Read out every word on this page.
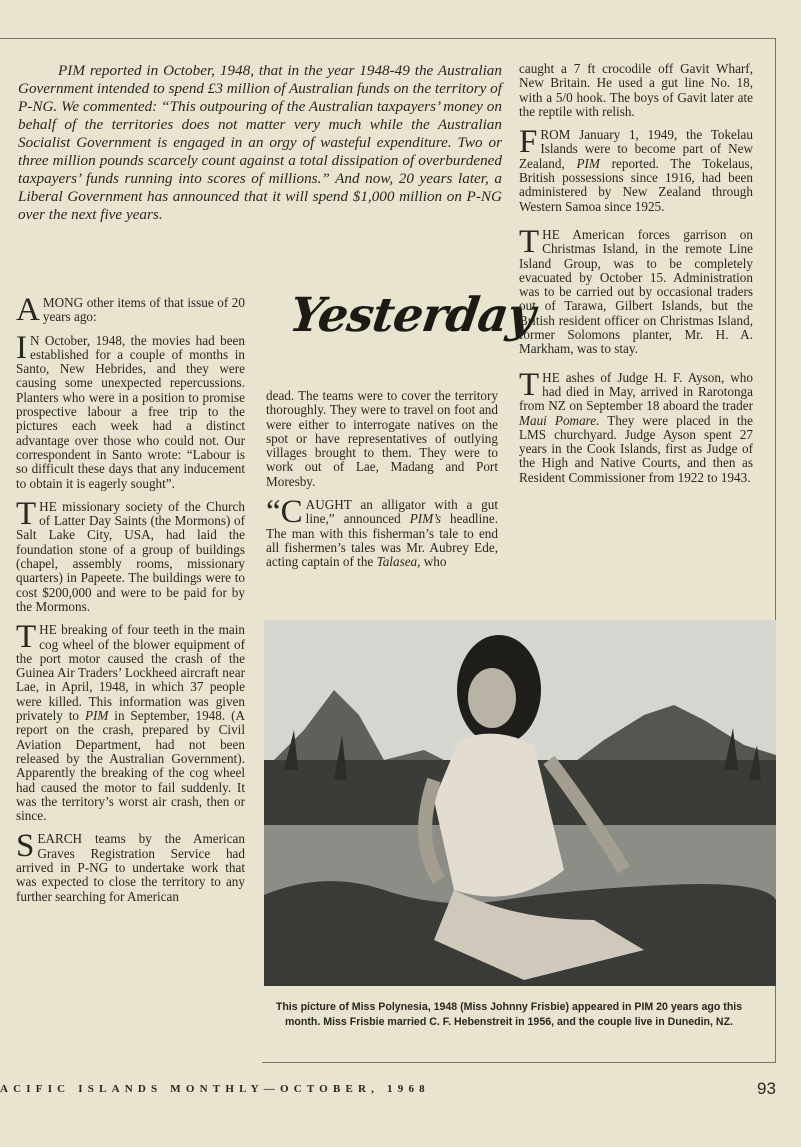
PIM reported in October, 1948, that in the year 1948-49 the Australian Government intended to spend £3 million of Australian funds on the territory of P-NG. We commented: “This outpouring of the Australian taxpayers’ money on behalf of the territories does not matter very much while the Australian Socialist Government is engaged in an orgy of wasteful expenditure. Two or three million pounds scarcely count against a total dissipation of overburdened taxpayers’ funds running into scores of millions.” And now, 20 years later, a Liberal Government has announced that it will spend $1,000 million on P-NG over the next five years.
Yesterday

AMONG other items of that issue of 20 years ago:

I N October, 1948, the movies had been established for a couple of months in Santo, New Hebrides, and they were causing some unexpected repercussions. Planters who were in a position to promise prospective labour a free trip to the pictures each week had a distinct advantage over those who could not. Our correspondent in Santo wrote: “Labour is so difficult these days that any inducement to obtain it is eagerly sought”.

THE missionary society of the Church of Latter Day Saints (the Mormons) of Salt Lake City, USA, had laid the foundation stone of a group of buildings (chapel, assembly rooms, missionary quarters) in Papeete. The buildings were to cost $200,000 and were to be paid for by the Mormons.

THE breaking of four teeth in the main cog wheel of the blower equipment of the port motor caused the crash of the Guinea Air Traders’ Lockheed aircraft near Lae, in April, 1948, in which 37 people were killed. This information was given privately to PIM in September, 1948. (A report on the crash, prepared by Civil Aviation Department, had not been released by the Australian Government). Apparently the breaking of the cog wheel had caused the motor to fail suddenly. It was the territory’s worst air crash, then or since.

SEARCH teams by the American Graves Registration Service had arrived in P-NG to undertake work that was expected to close the territory to any further searching for American

dead. The teams were to cover the territory thoroughly. They were to travel on foot and were either to interrogate natives on the spot or have representatives of outlying villages brought to them. They were to work out of Lae, Madang and Port Moresby.

“CAUGHT an alligator with a gut line,” announced PIM’s headline. The man with this fisherman’s tale to end all fishermen’s tales was Mr. Aubrey Ede, acting captain of the Talasea, who

caught a 7 ft crocodile off Gavit Wharf, New Britain. He used a gut line No. 18, with a 5/0 hook. The boys of Gavit later ate the reptile with relish.

FROM January 1, 1949, the Tokelau Islands were to become part of New Zealand, PIM reported. The Tokelaus, British possessions since 1916, had been administered by New Zealand through Western Samoa since 1925.

THE American forces garrison on Christmas Island, in the remote Line Island Group, was to be completely evacuated by October 15. Administration was to be carried out by occasional traders out of Tarawa, Gilbert Islands, but the British resident officer on Christmas Island, former Solomons planter, Mr. H. A. Markham, was to stay.

THE ashes of Judge H. F. Ayson, who had died in May, arrived in Rarotonga from NZ on September 18 aboard the trader Maui Pomare. They were placed in the LMS churchyard. Judge Ayson spent 27 years in the Cook Islands, first as Judge of the High and Native Courts, and then as Resident Commissioner from 1922 to 1943.

This picture of Miss Polynesia, 1948 (Miss Johnny Frisbie) appeared in PIM 20 years ago this month. Miss Frisbie married C. F. Hebenstreit in 1956, and the couple live in Dunedin, NZ.
ACIFIC ISLANDS MONTHLY—OCTOBER, 1968	93
